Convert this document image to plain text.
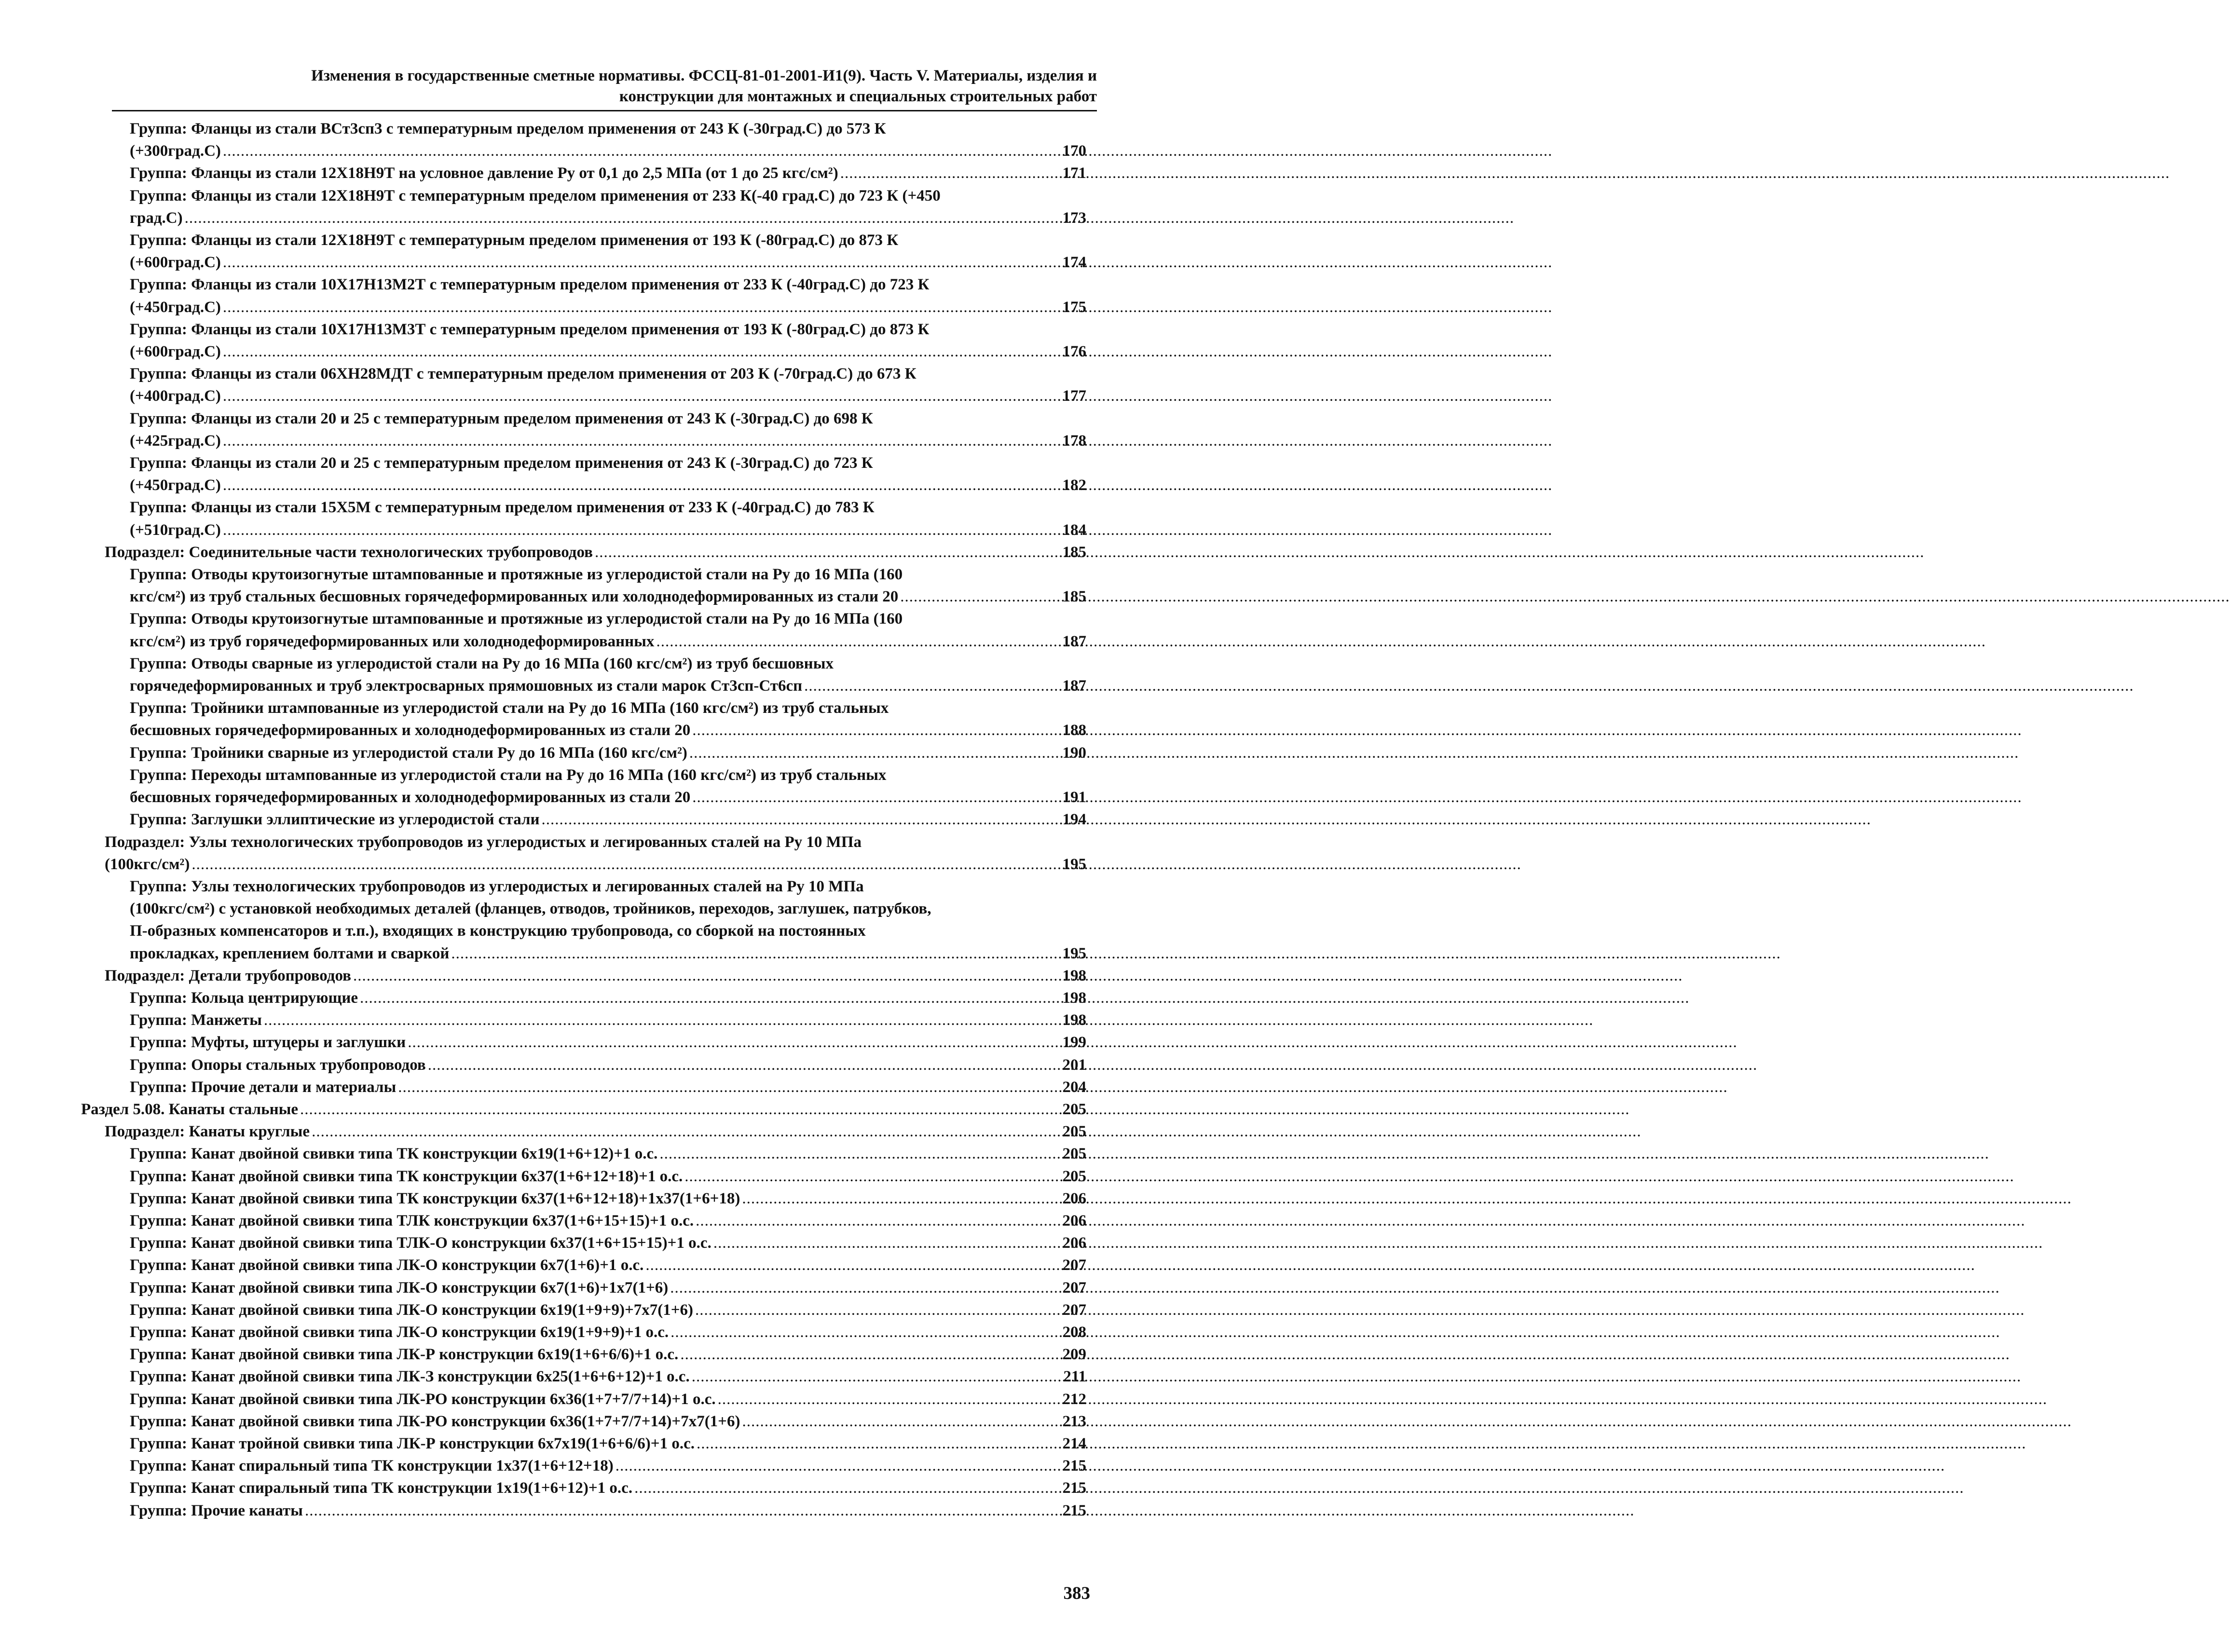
Изменения в государственные сметные нормативы. ФССЦ-81-01-2001-И1(9). Часть V. Материалы, изделия и
конструкции для монтажных и специальных строительных работ
Группа: Фланцы из стали ВСт3сп3 с температурным пределом применения от 243 К (-30град.С) до 573 К
(+300град.С) .....	170
Группа: Фланцы из стали 12Х18Н9Т на условное давление Ру от 0,1 до 2,5 МПа (от 1 до 25 кгс/см²) .....	171
Группа: Фланцы из стали 12Х18Н9Т с температурным пределом применения от 233 К(-40 град.С) до 723 К (+450
град.С) .....	173
Группа: Фланцы из стали 12Х18Н9Т с температурным пределом применения от 193 К (-80град.С) до 873 К
(+600град.С) .....	174
Группа: Фланцы из стали 10Х17Н13М2Т с температурным пределом применения от 233 К (-40град.С) до 723 К
(+450град.С) .....	175
Группа: Фланцы из стали 10Х17Н13М3Т с температурным пределом применения от 193 К (-80град.С) до 873 К
(+600град.С) .....	176
Группа: Фланцы из стали 06ХН28МДТ с температурным пределом применения от 203 К (-70град.С) до 673 К
(+400град.С) .....	177
Группа: Фланцы из стали 20 и 25 с температурным пределом применения от 243 К (-30град.С) до 698 К
(+425град.С) .....	178
Группа: Фланцы из стали 20 и 25 с температурным пределом применения от 243 К (-30град.С) до 723 К
(+450град.С) .....	182
Группа: Фланцы из стали 15Х5М с температурным пределом применения от 233 К (-40град.С) до 783 К
(+510град.С) .....	184
Подраздел: Соединительные части технологических трубопроводов .....	185
Группа: Отводы крутоизогнутые штампованные и протяжные из углеродистой стали на Ру до 16 МПа (160
кгс/см²) из труб стальных бесшовных горячедеформированных или холоднодеформированных из стали 20 .....	185
Группа: Отводы крутоизогнутые штампованные и протяжные из углеродистой стали на Ру до 16 МПа (160
кгс/см²) из труб горячедеформированных или холоднодеформированных .....	187
Группа: Отводы сварные из углеродистой стали на Ру до 16 МПа (160 кгс/см²) из труб бесшовных
горячедеформированных и труб электросварных прямошовных из стали марок Ст3сп-Ст6сп .....	187
Группа: Тройники штампованные из углеродистой стали на Ру до 16 МПа (160 кгс/см²) из труб стальных
бесшовных горячедеформированных и холоднодеформированных из стали 20 .....	188
Группа: Тройники сварные из углеродистой стали Ру до 16 МПа (160 кгс/см²) .....	190
Группа: Переходы штампованные из углеродистой стали на Ру до 16 МПа (160 кгс/см²) из труб стальных
бесшовных горячедеформированных и холоднодеформированных из стали 20 .....	191
Группа: Заглушки эллиптические из углеродистой стали .....	194
Подраздел: Узлы технологических трубопроводов из углеродистых и легированных сталей на Ру 10 МПа
(100кгс/см²) .....	195
Группа: Узлы технологических трубопроводов из углеродистых и легированных сталей на Ру 10 МПа
(100кгс/см²) с установкой необходимых деталей (фланцев, отводов, тройников, переходов, заглушек, патрубков,
П-образных компенсаторов и т.п.), входящих в конструкцию трубопровода, со сборкой на постоянных
прокладках, креплением болтами и сваркой .....	195
Подраздел: Детали трубопроводов .....	198
Группа: Кольца центрирующие .....	198
Группа: Манжеты .....	198
Группа: Муфты, штуцеры и заглушки .....	199
Группа: Опоры стальных трубопроводов .....	201
Группа: Прочие детали и материалы .....	204
Раздел 5.08. Канаты стальные .....	205
Подраздел: Канаты круглые .....	205
Группа: Канат двойной свивки типа ТК конструкции 6х19(1+6+12)+1 о.с. .....	205
Группа: Канат двойной свивки типа ТК конструкции 6х37(1+6+12+18)+1 о.с. .....	205
Группа: Канат двойной свивки типа ТК конструкции 6х37(1+6+12+18)+1х37(1+6+18) .....	206
Группа: Канат двойной свивки типа ТЛК конструкции 6х37(1+6+15+15)+1 о.с. .....	206
Группа: Канат двойной свивки типа ТЛК-О конструкции 6х37(1+6+15+15)+1 о.с. .....	206
Группа: Канат двойной свивки типа ЛК-О конструкции 6х7(1+6)+1 о.с. .....	207
Группа: Канат двойной свивки типа ЛК-О конструкции 6х7(1+6)+1х7(1+6) .....	207
Группа: Канат двойной свивки типа ЛК-О конструкции 6х19(1+9+9)+7х7(1+6) .....	207
Группа: Канат двойной свивки типа ЛК-О конструкции 6х19(1+9+9)+1 о.с. .....	208
Группа: Канат двойной свивки типа ЛК-Р конструкции 6х19(1+6+6/6)+1 о.с. .....	209
Группа: Канат двойной свивки типа ЛК-З конструкции 6х25(1+6+6+12)+1 о.с. .....	211
Группа: Канат двойной свивки типа ЛК-РО конструкции 6х36(1+7+7/7+14)+1 о.с. .....	212
Группа: Канат двойной свивки типа ЛК-РО конструкции 6х36(1+7+7/7+14)+7х7(1+6) .....	213
Группа: Канат тройной свивки типа ЛК-Р конструкции 6х7х19(1+6+6/6)+1 о.с. .....	214
Группа: Канат спиральный типа ТК конструкции 1х37(1+6+12+18) .....	215
Группа: Канат спиральный типа ТК конструкции 1х19(1+6+12)+1 о.с. .....	215
Группа: Прочие канаты .....	215
383
